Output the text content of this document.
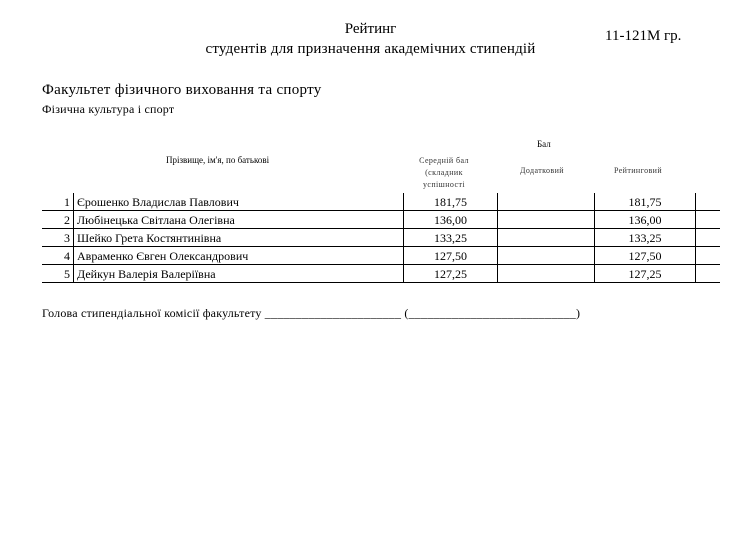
Рейтинг
студентів для призначення академічних стипендій
11-121М гр.
Факультет фізичного виховання та спорту
Фізична культура і спорт
Бал
Прізвище, ім'я, по батькові	Середній бал
(складник
успішності
Додатковий	Рейтинговий
1	Єрошенко Владислав Павлович	181,75		181,75	
2	Любінецька Світлана Олегівна	136,00		136,00	
3	Шейко Грета Костянтинівна	133,25		133,25	
4	Авраменко Євген Олександрович	127,50		127,50	
5	Дейкун Валерія Валеріївна	127,25		127,25	
Голова стипендіальної комісії факультету ______________________ (___________________________)
